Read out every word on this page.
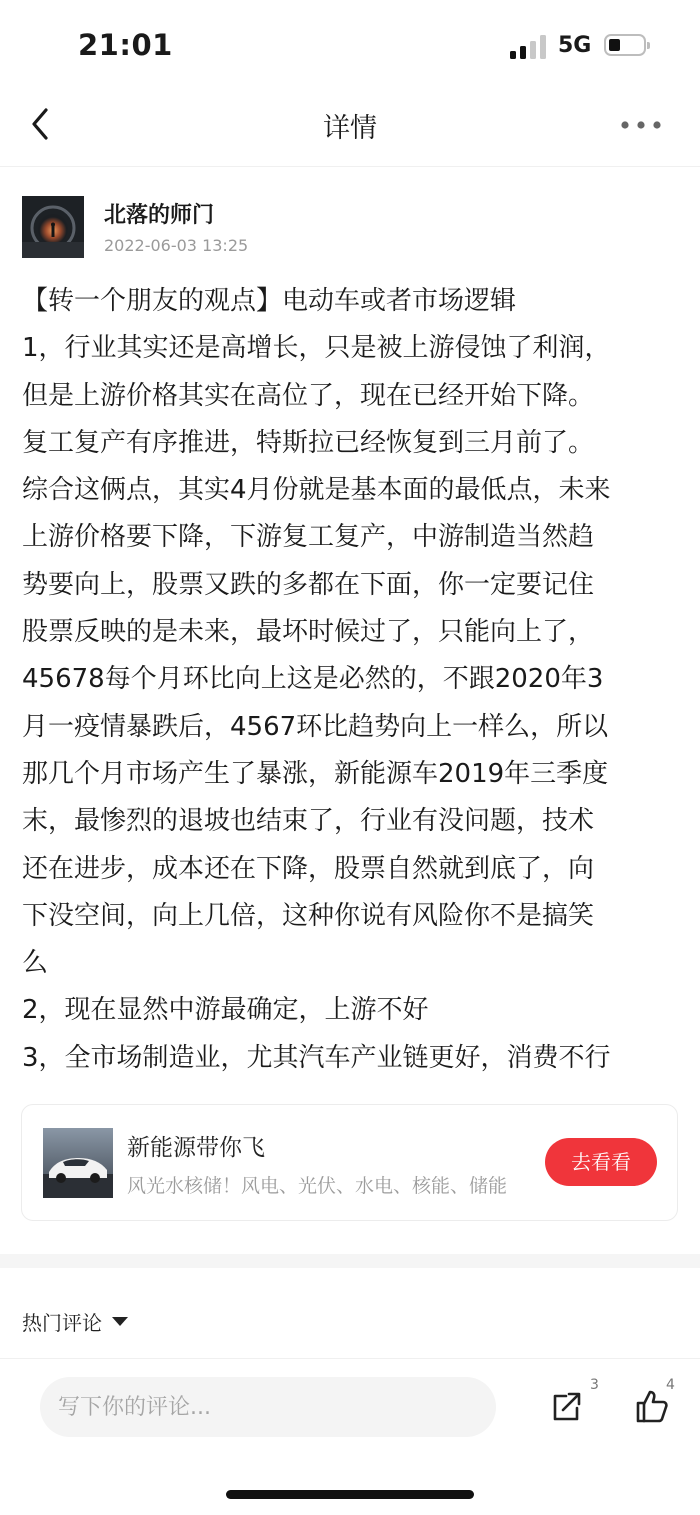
21:01	5G
详情
北落的师门
2022-06-03 13:25
【转一个朋友的观点】电动车或者市场逻辑
1，行业其实还是高增长，只是被上游侵蚀了利润，
但是上游价格其实在高位了，现在已经开始下降。
复工复产有序推进，特斯拉已经恢复到三月前了。
综合这俩点，其实4月份就是基本面的最低点，未来
上游价格要下降，下游复工复产，中游制造当然趋
势要向上，股票又跌的多都在下面，你一定要记住
股票反映的是未来，最坏时候过了，只能向上了，
45678每个月环比向上这是必然的，不跟2020年3
月一疫情暴跌后，4567环比趋势向上一样么，所以
那几个月市场产生了暴涨，新能源车2019年三季度
末，最惨烈的退坡也结束了，行业有没问题，技术
还在进步，成本还在下降，股票自然就到底了，向
下没空间，向上几倍，这种你说有风险你不是搞笑
么
2，现在显然中游最确定，上游不好
3，全市场制造业，尤其汽车产业链更好，消费不行
新能源带你飞
风光水核储！风电、光伏、水电、核能、储能
去看看
热门评论
写下你的评论...
3	4
